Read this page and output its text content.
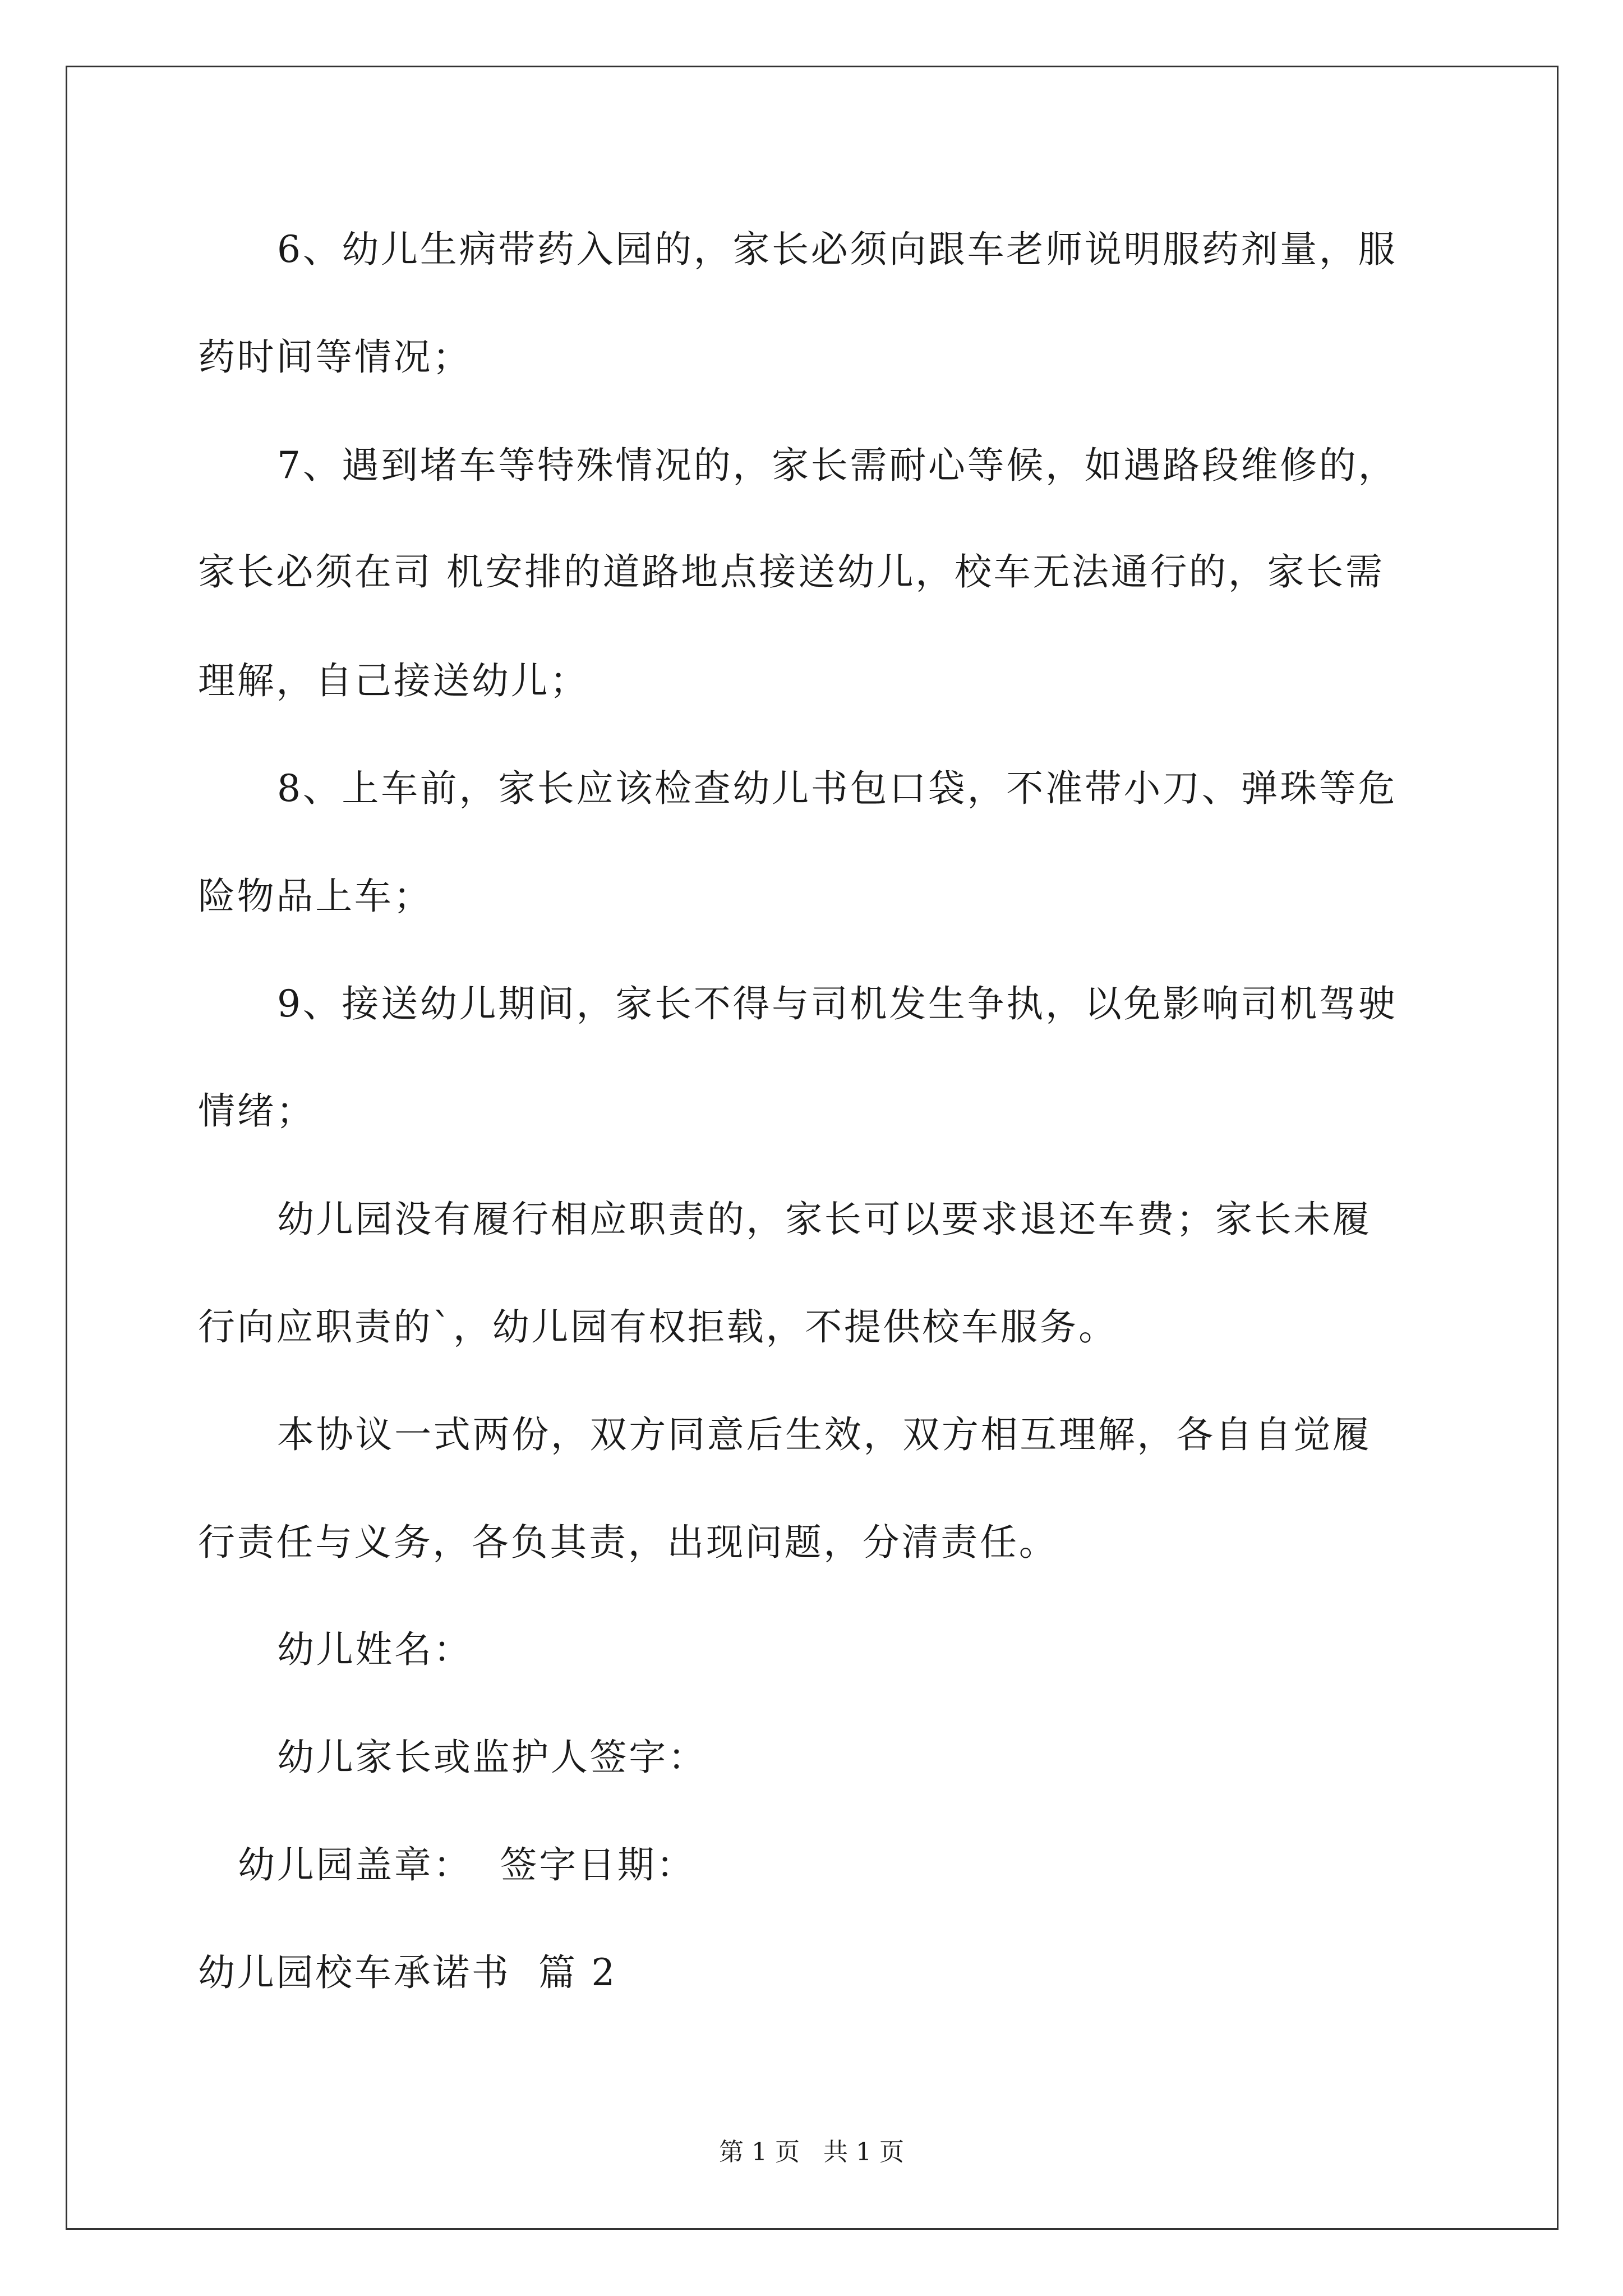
6、幼儿生病带药入园的，家长必须向跟车老师说明服药剂量，服
药时间等情况；
7、遇到堵车等特殊情况的，家长需耐心等候，如遇路段维修的，
家长必须在司 机安排的道路地点接送幼儿，校车无法通行的，家长需
理解，自己接送幼儿；
8、上车前，家长应该检查幼儿书包口袋，不准带小刀、弹珠等危
险物品上车；
9、接送幼儿期间，家长不得与司机发生争执，以免影响司机驾驶
情绪；
幼儿园没有履行相应职责的，家长可以要求退还车费；家长未履
行向应职责的`，幼儿园有权拒载，不提供校车服务。
本协议一式两份，双方同意后生效，双方相互理解，各自自觉履
行责任与义务，各负其责，出现问题，分清责任。
幼儿姓名：
幼儿家长或监护人签字：
幼儿园盖章：  签字日期：
幼儿园校车承诺书  篇 2
第 1 页   共 1 页
